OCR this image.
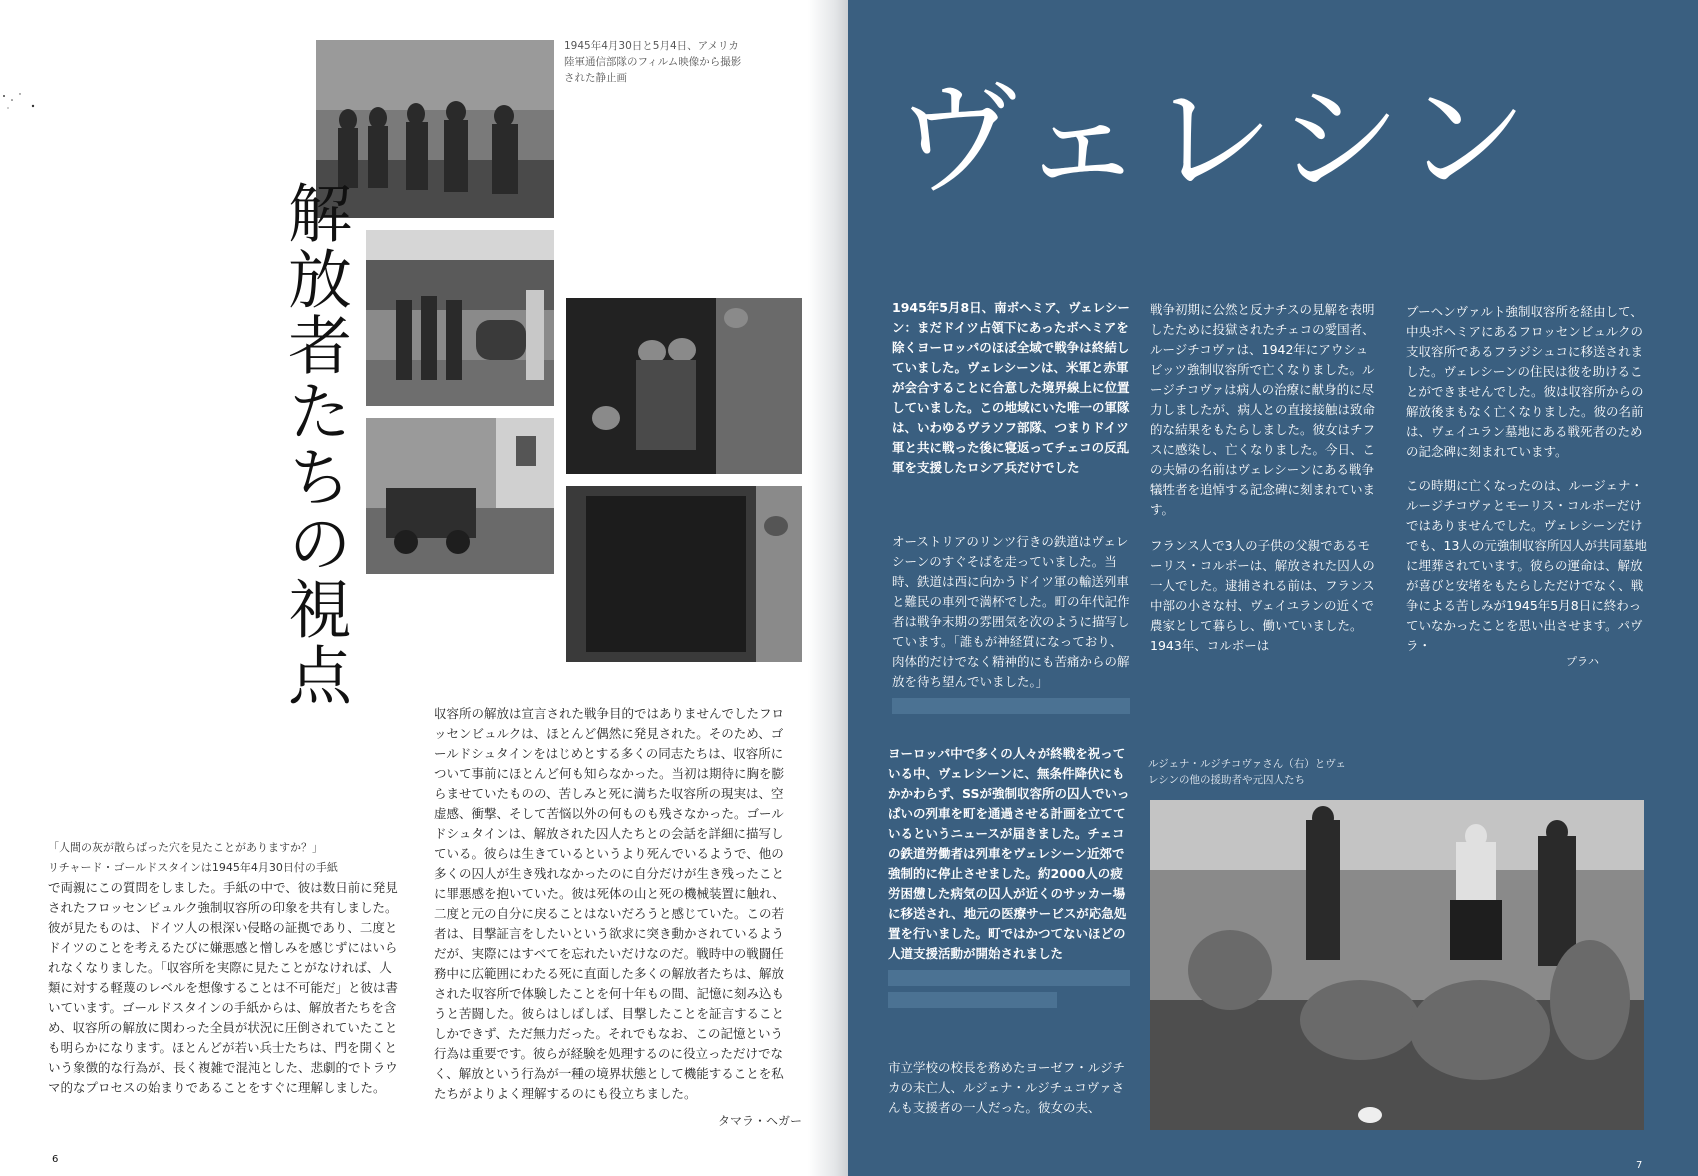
1945年4月30日と5月4日、アメリカ陸軍通信部隊のフィルム映像から撮影された静止画
解放者たちの視点

「人間の灰が散らばった穴を見たことがありますか？」

リチャード・ゴールドスタインは1945年4月30日付の手紙

で両親にこの質問をしました。手紙の中で、彼は数日前に発見されたフロッセンビュルク強制収容所の印象を共有しました。彼が見たものは、ドイツ人の根深い侵略の証拠であり、二度とドイツのことを考えるたびに嫌悪感と憎しみを感じずにはいられなくなりました。「収容所を実際に見たことがなければ、人類に対する軽蔑のレベルを想像することは不可能だ」と彼は書いています。ゴールドスタインの手紙からは、解放者たちを含め、収容所の解放に関わった全員が状況に圧倒されていたことも明らかになります。ほとんどが若い兵士たちは、門を開くという象徴的な行為が、長く複雑で混沌とした、悲劇的でトラウマ的なプロセスの始まりであることをすぐに理解しました。

収容所の解放は宣言された戦争目的ではありませんでしたフロッセンビュルクは、ほとんど偶然に発見された。そのため、ゴールドシュタインをはじめとする多くの同志たちは、収容所について事前にほとんど何も知らなかった。当初は期待に胸を膨らませていたものの、苦しみと死に満ちた収容所の現実は、空虚感、衝撃、そして苦悩以外の何ものも残さなかった。ゴールドシュタインは、解放された囚人たちとの会話を詳細に描写している。彼らは生きているというより死んでいるようで、他の多くの囚人が生き残れなかったのに自分だけが生き残ったことに罪悪感を抱いていた。彼は死体の山と死の機械装置に触れ、二度と元の自分に戻ることはないだろうと感じていた。この若者は、目撃証言をしたいという欲求に突き動かされているようだが、実際にはすべてを忘れたいだけなのだ。戦時中の戦闘任務中に広範囲にわたる死に直面した多くの解放者たちは、解放された収容所で体験したことを何十年もの間、記憶に刻み込もうと苦闘した。彼らはしばしば、目撃したことを証言することしかできず、ただ無力だった。それでもなお、この記憶という行為は重要です。彼らが経験を処理するのに役立っただけでなく、解放という行為が一種の境界状態として機能することを私たちがよりよく理解するのにも役立ちました。

タマラ・ヘガー
6
ヴェレシン

1945年5月8日、南ボヘミア、ヴェレシーン：まだドイツ占領下にあったボヘミアを除くヨーロッパのほぼ全域で戦争は終結していました。ヴェレシーンは、米軍と赤軍が会合することに合意した境界線上に位置していました。この地域にいた唯一の軍隊は、いわゆるヴラソフ部隊、つまりドイツ軍と共に戦った後に寝返ってチェコの反乱軍を支援したロシア兵だけでした

オーストリアのリンツ行きの鉄道はヴェレシーンのすぐそばを走っていました。当時、鉄道は西に向かうドイツ軍の輸送列車と難民の車列で満杯でした。町の年代記作者は戦争末期の雰囲気を次のように描写しています。「誰もが神経質になっており、肉体的だけでなく精神的にも苦痛からの解放を待ち望んでいました。」

ヨーロッパ中で多くの人々が終戦を祝っている中、ヴェレシーンに、無条件降伏にもかかわらず、SSが強制収容所の囚人でいっぱいの列車を町を通過させる計画を立てているというニュースが届きました。チェコの鉄道労働者は列車をヴェレシーン近郊で強制的に停止させました。約2000人の疲労困憊した病気の囚人が近くのサッカー場に移送され、地元の医療サービスが応急処置を行いました。町ではかつてないほどの人道支援活動が開始されました

市立学校の校長を務めたヨーゼフ・ルジチカの未亡人、ルジェナ・ルジチュコヴァさんも支援者の一人だった。彼女の夫、

戦争初期に公然と反ナチスの見解を表明したために投獄されたチェコの愛国者、ルージチコヴァは、1942年にアウシュビッツ強制収容所で亡くなりました。ルージチコヴァは病人の治療に献身的に尽力しましたが、病人との直接接触は致命的な結果をもたらしました。彼女はチフスに感染し、亡くなりました。今日、この夫婦の名前はヴェレシーンにある戦争犠牲者を追悼する記念碑に刻まれています。

フランス人で3人の子供の父親であるモーリス・コルボーは、解放された囚人の一人でした。逮捕される前は、フランス中部の小さな村、ヴェイユランの近くで農家として暮らし、働いていました。1943年、コルボーは

ブーヘンヴァルト強制収容所を経由して、中央ボヘミアにあるフロッセンビュルクの支収容所であるフラジシュコに移送されました。ヴェレシーンの住民は彼を助けることができませんでした。彼は収容所からの解放後まもなく亡くなりました。彼の名前は、ヴェイユラン墓地にある戦死者のための記念碑に刻まれています。

この時期に亡くなったのは、ルージェナ・ルージチコヴァとモーリス・コルボーだけではありませんでした。ヴェレシーンだけでも、13人の元強制収容所囚人が共同墓地に埋葬されています。彼らの運命は、解放が喜びと安堵をもたらしただけでなく、戦争による苦しみが1945年5月8日に終わっていなかったことを思い出させます。パヴラ・

プラハ
ルジェナ・ルジチコヴァさん（右）とヴェレシンの他の援助者や元囚人たち
7
